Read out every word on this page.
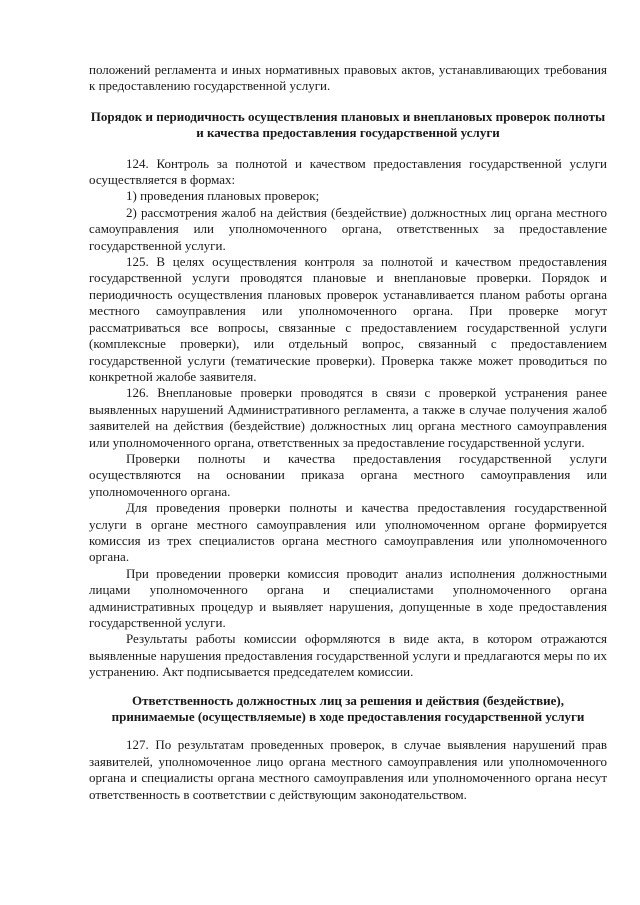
положений регламента и иных нормативных правовых актов, устанавливающих требования к предоставлению государственной услуги.

Порядок и периодичность осуществления плановых и внеплановых проверок полноты и качества предоставления государственной услуги

124. Контроль за полнотой и качеством предоставления государственной услуги осуществляется в формах:

1) проведения плановых проверок;

2) рассмотрения жалоб на действия (бездействие) должностных лиц органа местного самоуправления или уполномоченного органа, ответственных за предоставление государственной услуги.

125. В целях осуществления контроля за полнотой и качеством предоставления государственной услуги проводятся плановые и внеплановые проверки. Порядок и периодичность осуществления плановых проверок устанавливается планом работы органа местного самоуправления или уполномоченного органа. При проверке могут рассматриваться все вопросы, связанные с предоставлением государственной услуги (комплексные проверки), или отдельный вопрос, связанный с предоставлением государственной услуги (тематические проверки). Проверка также может проводиться по конкретной жалобе заявителя.

126. Внеплановые проверки проводятся в связи с проверкой устранения ранее выявленных нарушений Административного регламента, а также в случае получения жалоб заявителей на действия (бездействие) должностных лиц органа местного самоуправления или уполномоченного органа, ответственных за предоставление государственной услуги.

Проверки полноты и качества предоставления государственной услуги осуществляются на основании приказа органа местного самоуправления или уполномоченного органа.

Для проведения проверки полноты и качества предоставления государственной услуги в органе местного самоуправления или уполномоченном органе формируется комиссия из трех специалистов органа местного самоуправления или уполномоченного органа.

При проведении проверки комиссия проводит анализ исполнения должностными лицами уполномоченного органа и специалистами уполномоченного органа административных процедур и выявляет нарушения, допущенные в ходе предоставления государственной услуги.

Результаты работы комиссии оформляются в виде акта, в котором отражаются выявленные нарушения предоставления государственной услуги и предлагаются меры по их устранению. Акт подписывается председателем комиссии.

Ответственность должностных лиц за решения и действия (бездействие), принимаемые (осуществляемые) в ходе предоставления государственной услуги

127. По результатам проведенных проверок, в случае выявления нарушений прав заявителей, уполномоченное лицо органа местного самоуправления или уполномоченного органа и специалисты органа местного самоуправления или уполномоченного органа несут ответственность в соответствии с действующим законодательством.
